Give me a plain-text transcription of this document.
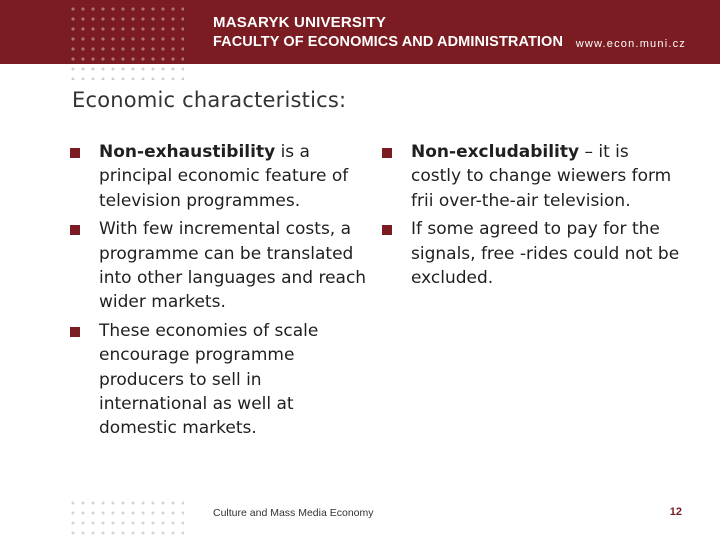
MASARYK UNIVERSITY
FACULTY OF ECONOMICS AND ADMINISTRATION www.econ.muni.cz
Economic characteristics:
Non-exhaustibility is a principal economic feature of television programmes.
With few incremental costs, a programme can be translated into other languages and reach wider markets.
These economies of scale encourage programme producers to sell in international as well at domestic markets.
Non-excludability – it is costly to change wiewers form frii over-the-air television.
If some agreed to pay for the signals, free -rides could not be excluded.
Culture and Mass Media Economy	12
